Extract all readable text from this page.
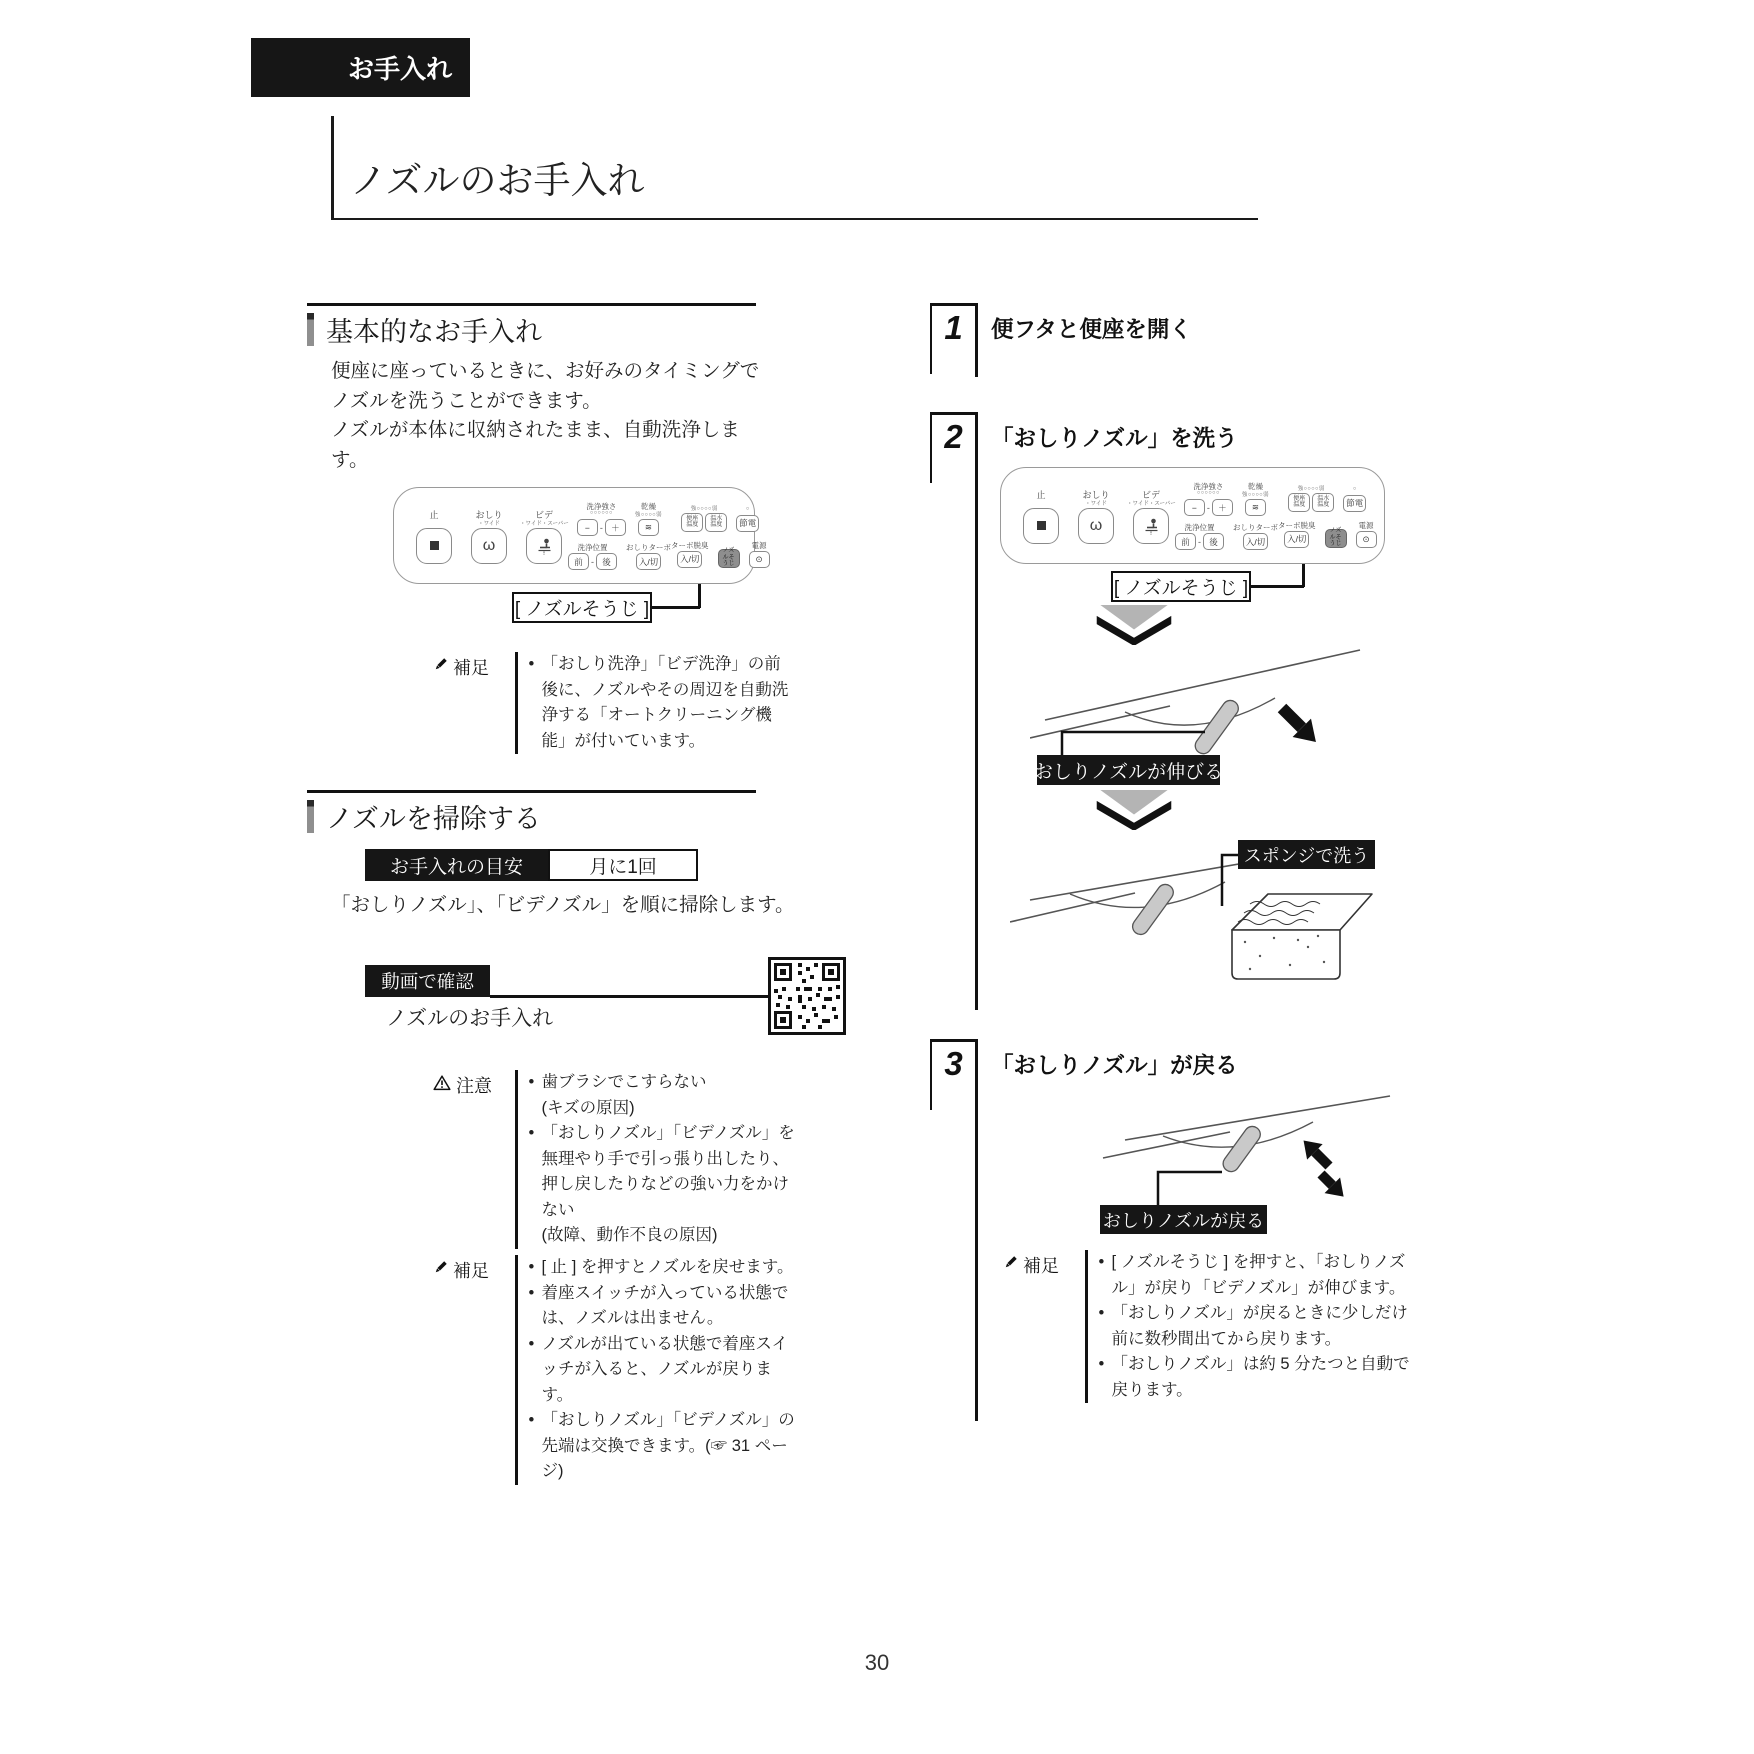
お手入れ
ノズルのお手入れ
基本的なお手入れ
便座に座っているときに、お好みのタイミングでノズルを洗うことができます。
ノズルが本体に収納されたまま、自動洗浄します。
止
	おしり
・ワイド
ω
ビデ
・ワイド・スーパー
洗浄強さ
○○○○○○
−	- ＋
乾燥
強○○○○弱
≋
洗浄位置
前 - 後
おしりターボ
入/切
強○○○○弱
便座温度
温水温度
○
節電
ターボ脱臭
入/切

ノズルそうじ
電源
⊙
[ ノズルそうじ ]
補足 • 「おしり洗浄」「ビデ洗浄」の前後に、ノズルやその周辺を自動洗浄する「オートクリーニング機能」が付いています。
ノズルを掃除する
お手入れの目安	月に1回
「おしりノズル」、「ビデノズル」を順に掃除します。
動画で確認
ノズルのお手入れ
注意 • 歯ブラシでこすらない
(キズの原因)
• 「おしりノズル」「ビデノズル」を無理やり手で引っ張り出したり、押し戻したりなどの強い力をかけない
(故障、動作不良の原因)
補足 • [ 止 ] を押すとノズルを戻せます。
• 着座スイッチが入っている状態では、ノズルは出ません。
• ノズルが出ている状態で着座スイッチが入ると、ノズルが戻ります。
• 「おしりノズル」「ビデノズル」の先端は交換できます。(☞ 31 ページ)
1 便フタと便座を開く
2 「おしりノズル」を洗う
止
	おしり
・ワイド
ω
ビデ
・ワイド・スーパー
洗浄強さ
○○○○○○
−	- ＋
乾燥
強○○○○弱
≋
洗浄位置
前 - 後
おしりターボ
入/切
強○○○○弱
便座温度
温水温度
○
節電
ターボ脱臭
入/切

ノズルそうじ
電源
⊙
[ ノズルそうじ ]
おしりノズルが伸びる
スポンジで洗う
3 「おしりノズル」が戻る
おしりノズルが戻る
補足 • [ ノズルそうじ ] を押すと、「おしりノズル」が戻り「ビデノズル」が伸びます。
• 「おしりノズル」が戻るときに少しだけ前に数秒間出てから戻ります。
• 「おしりノズル」は約 5 分たつと自動で戻ります。
30
